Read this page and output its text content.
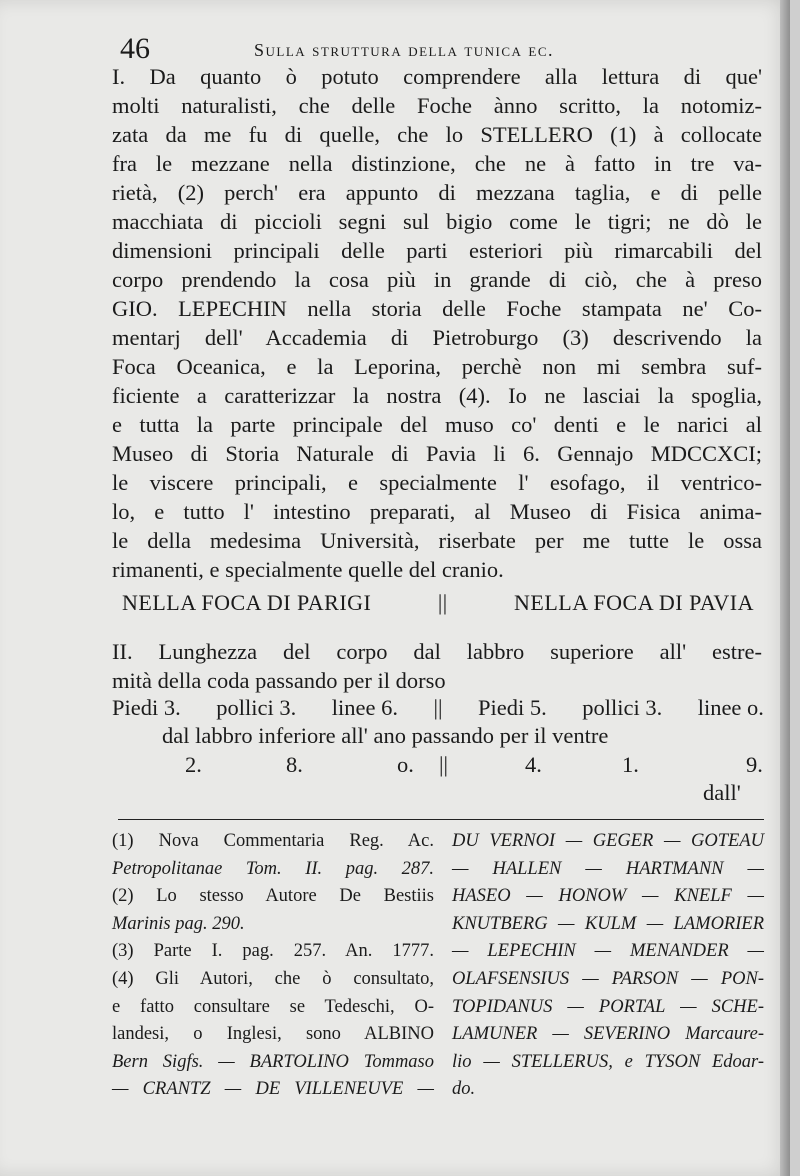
46	Sulla struttura della tunica ec.
I. Da quanto ò potuto comprendere alla lettura di que'
molti naturalisti, che delle Foche ànno scritto, la notomiz-
zata da me fu di quelle, che lo STELLERO (1) à collocate
fra le mezzane nella distinzione, che ne à fatto in tre va-
rietà, (2) perch' era appunto di mezzana taglia, e di pelle
macchiata di piccioli segni sul bigio come le tigri; ne dò le
dimensioni principali delle parti esteriori più rimarcabili del
corpo prendendo la cosa più in grande di ciò, che à preso
GIO. LEPECHIN nella storia delle Foche stampata ne' Co-
mentarj dell' Accademia di Pietroburgo (3) descrivendo la
Foca Oceanica, e la Leporina, perchè non mi sembra suf-
ficiente a caratterizzar la nostra (4). Io ne lasciai la spoglia,
e tutta la parte principale del muso co' denti e le narici al
Museo di Storia Naturale di Pavia li 6. Gennajo MDCCXCI;
le viscere principali, e specialmente l' esofago, il ventrico-
lo, e tutto l' intestino preparati, al Museo di Fisica anima-
le della medesima Università, riserbate per me tutte le ossa
rimanenti, e specialmente quelle del cranio.
NELLA FOCA DI PARIGI	||	NELLA FOCA DI PAVIA
II. Lunghezza del corpo dal labbro superiore all' estre-
mità della coda passando per il dorso
Piedi 3. pollici 3. linee 6. || Piedi 5. pollici 3. linee o.
dal labbro inferiore all' ano passando per il ventre
2.	8.	o. ||	4.	1.	9.
dall'
(1) Nova Commentaria Reg. Ac.
Petropolitanae Tom. II. pag. 287.
(2) Lo stesso Autore De Bestiis
Marinis pag. 290.
(3) Parte I. pag. 257. An. 1777.
(4) Gli Autori, che ò consultato,
e fatto consultare se Tedeschi, O-
landesi, o Inglesi, sono ALBINO
Bern Sigfs. — BARTOLINO Tommaso
— CRANTZ — DE VILLENEUVE —
DU VERNOI — GEGER — GOTEAU
— HALLEN — HARTMANN —
HASEO — HONOW — KNELF —
KNUTBERG — KULM — LAMORIER
— LEPECHIN — MENANDER —
OLAFSENSIUS — PARSON — PON-
TOPIDANUS — PORTAL — SCHE-
LAMUNER — SEVERINO Marcaure-
lio — STELLERUS, e TYSON Edoar-
do.
